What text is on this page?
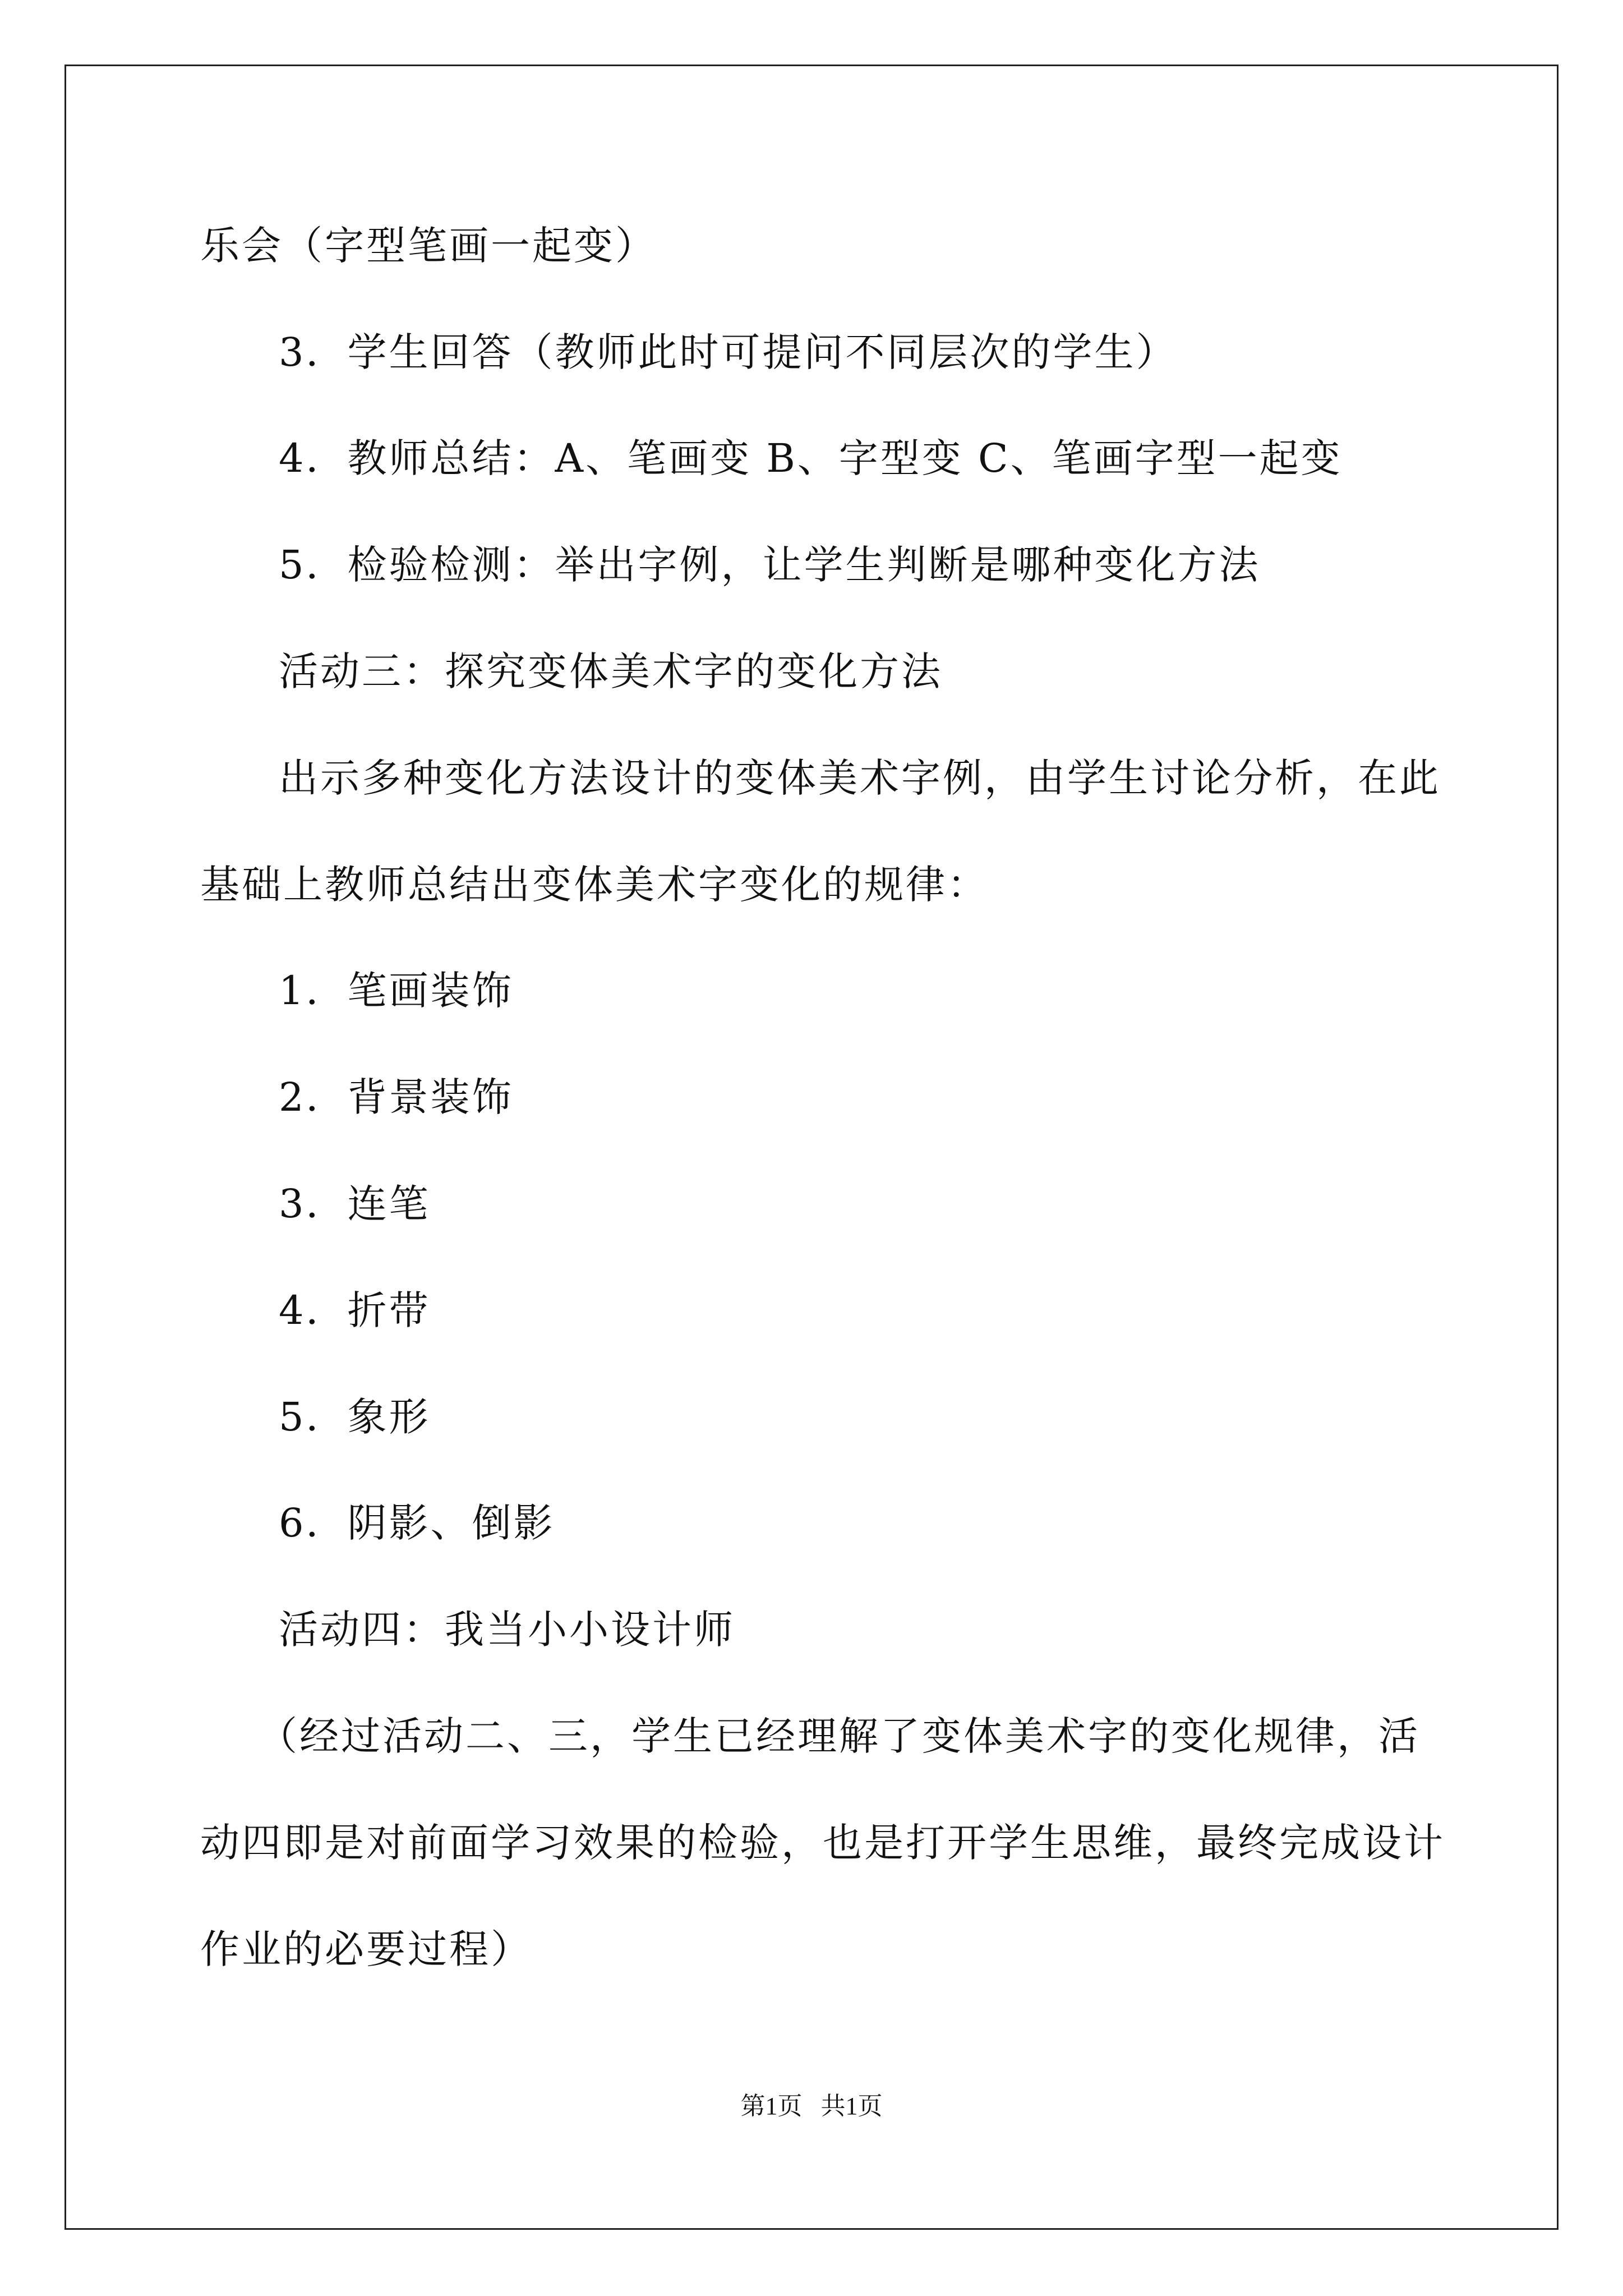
乐会（字型笔画一起变）
3．学生回答（教师此时可提问不同层次的学生）
4．教师总结：A、笔画变 B、字型变 C、笔画字型一起变
5．检验检测：举出字例，让学生判断是哪种变化方法
活动三：探究变体美术字的变化方法
出示多种变化方法设计的变体美术字例，由学生讨论分析，在此
基础上教师总结出变体美术字变化的规律：
1．笔画装饰
2．背景装饰
3．连笔
4．折带
5．象形
6．阴影、倒影
活动四：我当小小设计师
（经过活动二、三，学生已经理解了变体美术字的变化规律，活
动四即是对前面学习效果的检验，也是打开学生思维，最终完成设计
作业的必要过程）
第1页   共1页
